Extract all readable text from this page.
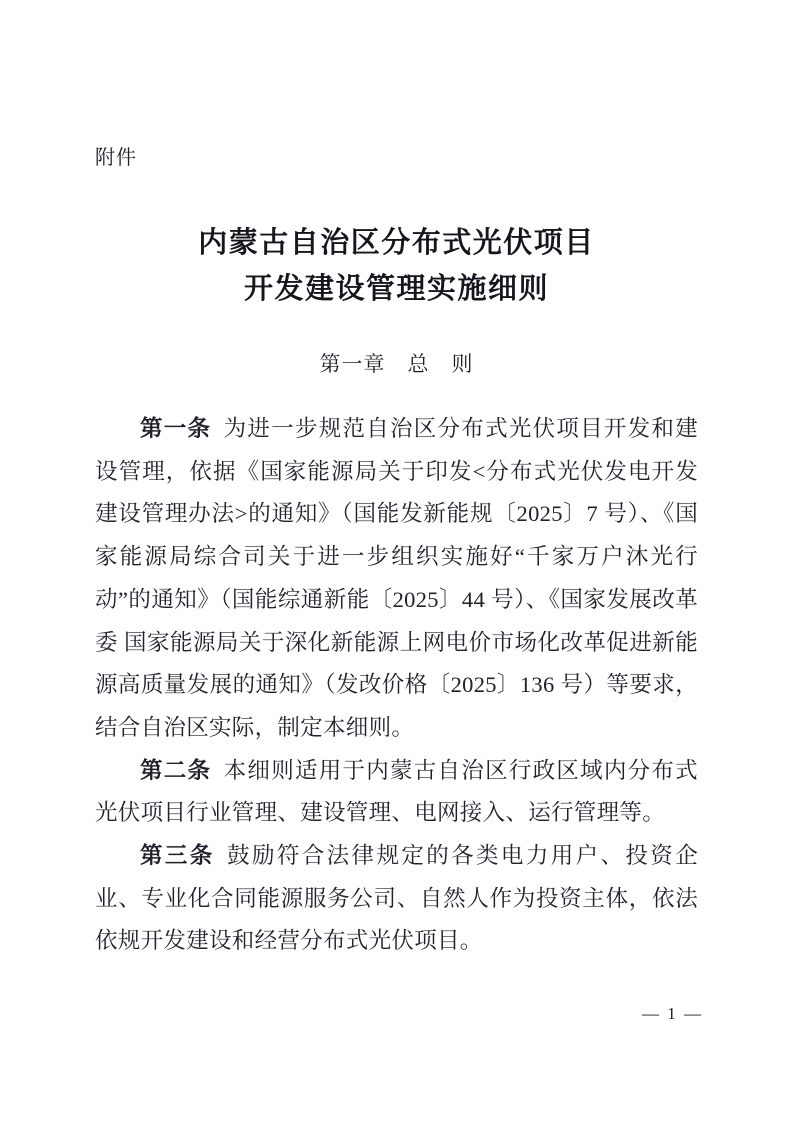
附件
内蒙古自治区分布式光伏项目
开发建设管理实施细则
第一章　总　则

第一条 为进一步规范自治区分布式光伏项目开发和建设管理，依据《国家能源局关于印发<分布式光伏发电开发建设管理办法>的通知》（国能发新能规〔2025〕7 号）、《国家能源局综合司关于进一步组织实施好“千家万户沐光行动”的通知》（国能综通新能〔2025〕44 号）、《国家发展改革委 国家能源局关于深化新能源上网电价市场化改革促进新能源高质量发展的通知》（发改价格〔2025〕136 号）等要求，结合自治区实际，制定本细则。

第二条 本细则适用于内蒙古自治区行政区域内分布式光伏项目行业管理、建设管理、电网接入、运行管理等。

第三条 鼓励符合法律规定的各类电力用户、投资企业、专业化合同能源服务公司、自然人作为投资主体，依法依规开发建设和经营分布式光伏项目。

— 1 —
